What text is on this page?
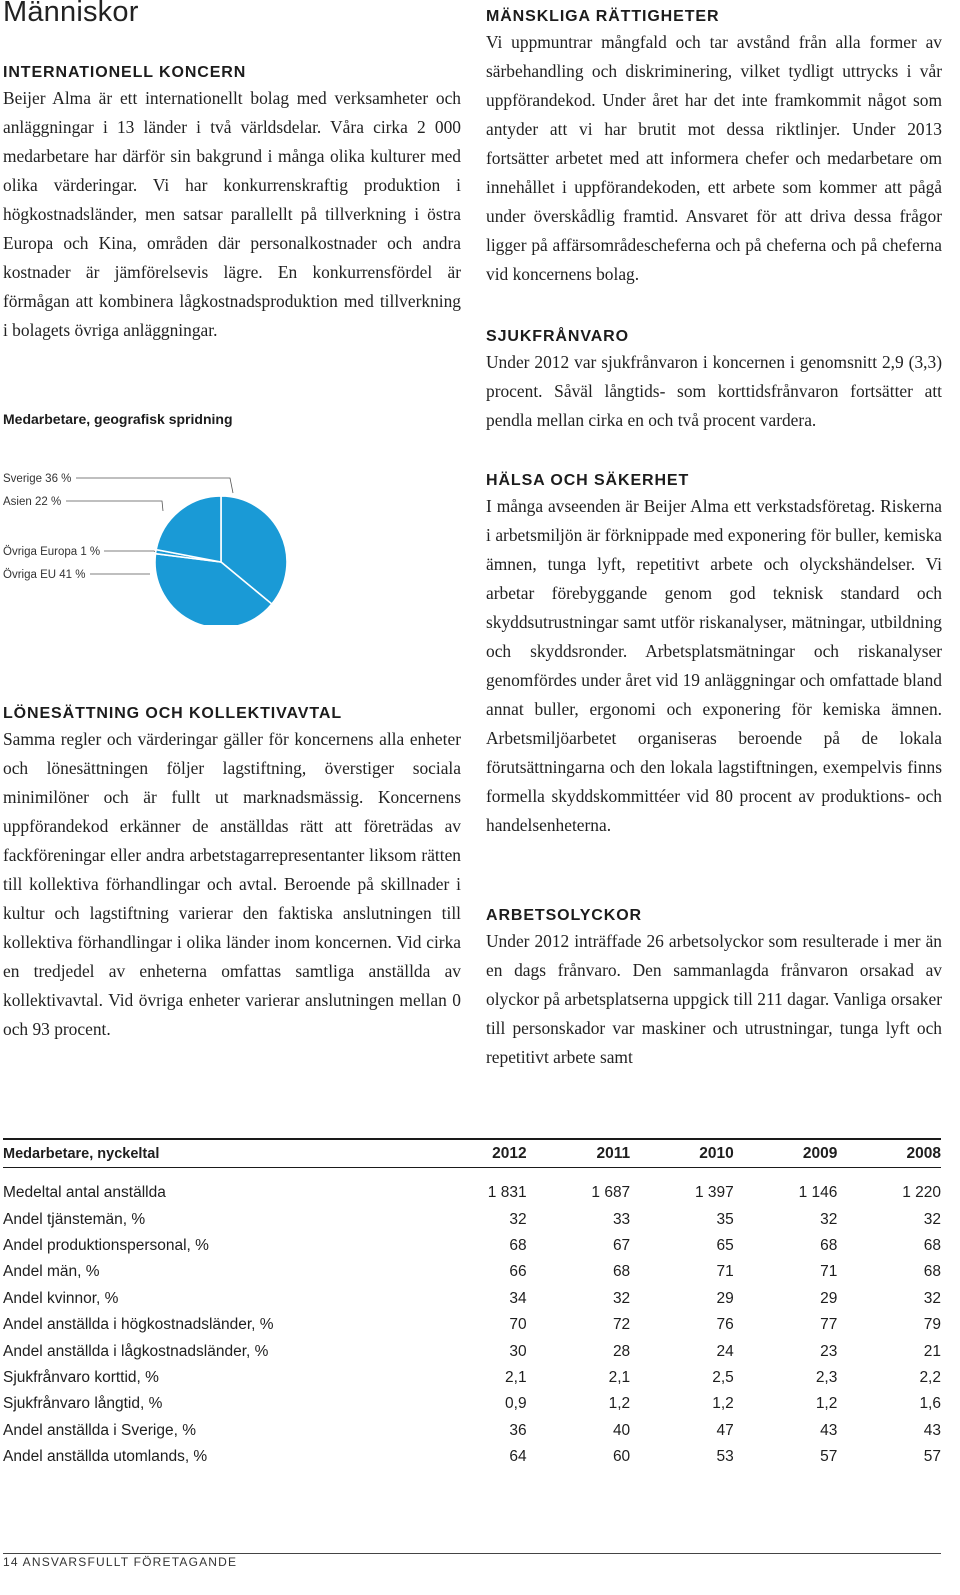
Människor
INTERNATIONELL KONCERN

Beijer Alma är ett internationellt bolag med verksamheter och anläggningar i 13 länder i två världsdelar. Våra cirka 2 000 medarbetare har därför sin bakgrund i många olika kulturer med olika värderingar. Vi har konkurrenskraftig produktion i högkostnadsländer, men satsar parallellt på tillverkning i östra Europa och Kina, områden där personalkostnader och andra kostnader är jämförelsevis lägre. En konkurrensfördel är förmågan att kombinera lågkostnadsproduktion med tillverkning i bolagets övriga anläggningar.

Medarbetare, geografisk spridning

Sverige 36 %
Asien 22 %
Övriga Europa 1 %
Övriga EU 41 %
LÖNESÄTTNING OCH KOLLEKTIVAVTAL

Samma regler och värderingar gäller för koncernens alla enheter och lönesättningen följer lagstiftning, överstiger sociala minimilöner och är fullt ut marknadsmässig. Koncernens uppförandekod erkänner de anställdas rätt att företrädas av fackföreningar eller andra arbetstagarrepresentanter liksom rätten till kollektiva förhandlingar och avtal. Beroende på skillnader i kultur och lagstiftning varierar den faktiska anslutningen till kollektiva förhandlingar i olika länder inom koncernen. Vid cirka en tredjedel av enheterna omfattas samtliga anställda av kollektivavtal. Vid övriga enheter varierar anslutningen mellan 0 och 93 procent.

MÄNSKLIGA RÄTTIGHETER

Vi uppmuntrar mångfald och tar avstånd från alla former av särbehandling och diskriminering, vilket tydligt uttrycks i vår uppförandekod. Under året har det inte framkommit något som antyder att vi har brutit mot dessa riktlinjer. Under 2013 fortsätter arbetet med att informera chefer och medarbetare om innehållet i uppförandekoden, ett arbete som kommer att pågå under överskådlig framtid. Ansvaret för att driva dessa frågor ligger på affärsområdescheferna och på cheferna och på cheferna vid koncernens bolag.

SJUKFRÅNVARO

Under 2012 var sjukfrånvaron i koncernen i genomsnitt 2,9 (3,3) procent. Såväl långtids- som korttidsfrånvaron fortsätter att pendla mellan cirka en och två procent vardera.

HÄLSA OCH SÄKERHET

I många avseenden är Beijer Alma ett verkstadsföretag. Riskerna i arbetsmiljön är förknippade med exponering för buller, kemiska ämnen, tunga lyft, repetitivt arbete och olyckshändelser. Vi arbetar förebyggande genom god teknisk standard och skyddsutrustningar samt utför riskanalyser, mätningar, utbildning och skyddsronder. Arbetsplatsmätningar och riskanalyser genomfördes under året vid 19 anläggningar och omfattade bland annat buller, ergonomi och exponering för kemiska ämnen. Arbetsmiljöarbetet organiseras beroende på de lokala förutsättningarna och den lokala lagstiftningen, exempelvis finns formella skyddskommittéer vid 80 procent av produktions- och handelsenheterna.

ARBETSOLYCKOR

Under 2012 inträffade 26 arbetsolyckor som resulterade i mer än en dags frånvaro. Den sammanlagda frånvaron orsakad av olyckor på arbetsplatserna uppgick till 211 dagar. Vanliga orsaker till personskador var maskiner och utrustningar, tunga lyft och repetitivt arbete samt

Medarbetare, nyckeltal	2012	2011	2010	2009	2008
Medeltal antal anställda	1 831	1 687	1 397	1 146	1 220
Andel tjänstemän, %	32	33	35	32	32
Andel produktionspersonal, %	68	67	65	68	68
Andel män, %	66	68	71	71	68
Andel kvinnor, %	34	32	29	29	32
Andel anställda i högkostnadsländer, %	70	72	76	77	79
Andel anställda i lågkostnadsländer, %	30	28	24	23	21
Sjukfrånvaro korttid, %	2,1	2,1	2,5	2,3	2,2
Sjukfrånvaro långtid, %	0,9	1,2	1,2	1,2	1,6
Andel anställda i Sverige, %	36	40	47	43	43
Andel anställda utomlands, %	64	60	53	57	57
14 ANSVARSFULLT FÖRETAGANDE
